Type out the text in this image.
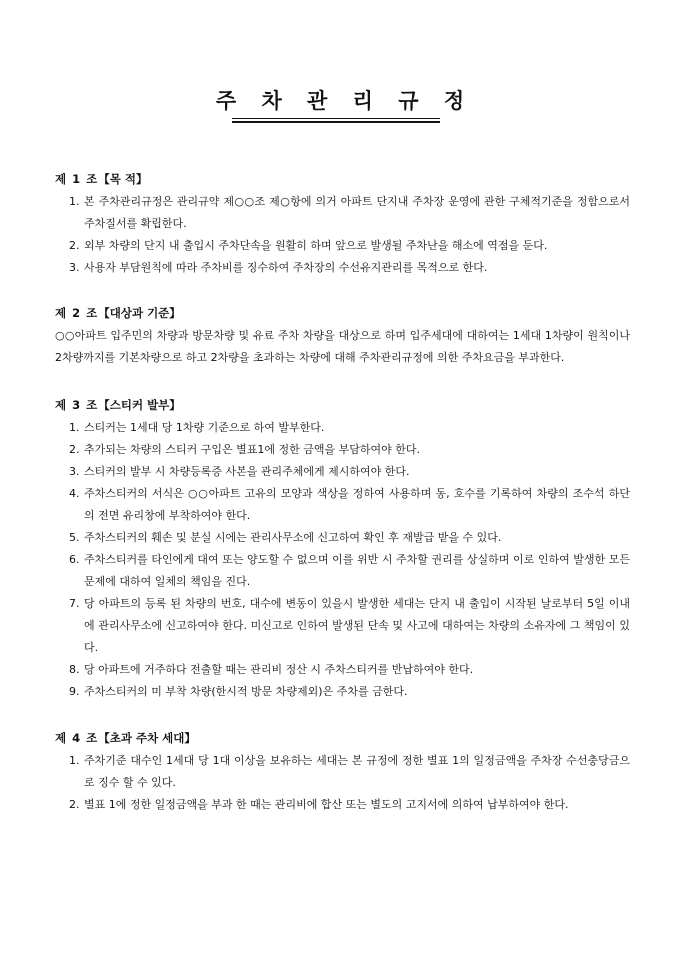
주 차 관 리 규 정
제 1 조【목 적】
1. 본 주차관리규정은 관리규약 제○○조 제○항에 의거 아파트 단지내 주차장 운영에 관한 구체적기준을 정함으로서 주차질서를 확립한다.
2. 외부 차량의 단지 내 출입시 주차단속을 원활히 하며 앞으로 발생될 주차난을 해소에 역점을 둔다.
3. 사용자 부담원칙에 따라 주차비를 징수하여 주차장의 수선유지관리를 목적으로 한다.
제 2 조【대상과 기준】
○○아파트 입주민의 차량과 방문차량 및 유료 주차 차량을 대상으로 하며 입주세대에 대하여는 1세대 1차량이 원칙이나 2차량까지를 기본차량으로 하고 2차량을 초과하는 차량에 대해 주차관리규정에 의한 주차요금을 부과한다.
제 3 조【스티커 발부】
1. 스티커는 1세대 당 1차량 기준으로 하여 발부한다.
2. 추가되는 차량의 스티커 구입은 별표1에 정한 금액을 부담하여야 한다.
3. 스티커의 발부 시 차량등록증 사본을 관리주체에게 제시하여야 한다.
4. 주차스티커의 서식은 ○○아파트 고유의 모양과 색상을 정하여 사용하며 동, 호수를 기록하여 차량의 조수석 하단의 전면 유리창에 부착하여야 한다.
5. 주차스티커의 훼손 및 분실 시에는 관리사무소에 신고하여 확인 후 재발급 받을 수 있다.
6. 주차스티커를 타인에게 대여 또는 양도할 수 없으며 이를 위반 시 주차할 권리를 상실하며 이로 인하여 발생한 모든 문제에 대하여 일체의 책임을 진다.
7. 당 아파트의 등록 된 차량의 번호, 대수에 변동이 있을시 발생한 세대는 단지 내 출입이 시작된 날로부터 5일 이내에 관리사무소에 신고하여야 한다. 미신고로 인하여 발생된 단속 및 사고에 대하여는 차량의 소유자에 그 책임이 있다.
8. 당 아파트에 거주하다 전출할 때는 관리비 정산 시 주차스티커를 반납하여야 한다.
9. 주차스티커의 미 부착 차량(한시적 방문 차량제외)은 주차를 금한다.
제 4 조【초과 주차 세대】
1. 주차기준 대수인 1세대 당 1대 이상을 보유하는 세대는 본 규정에 정한 별표 1의 일정금액을 주차장 수선충당금으로 징수 할 수 있다.
2. 별표 1에 정한 일정금액을 부과 한 때는 관리비에 합산 또는 별도의 고지서에 의하여 납부하여야 한다.
